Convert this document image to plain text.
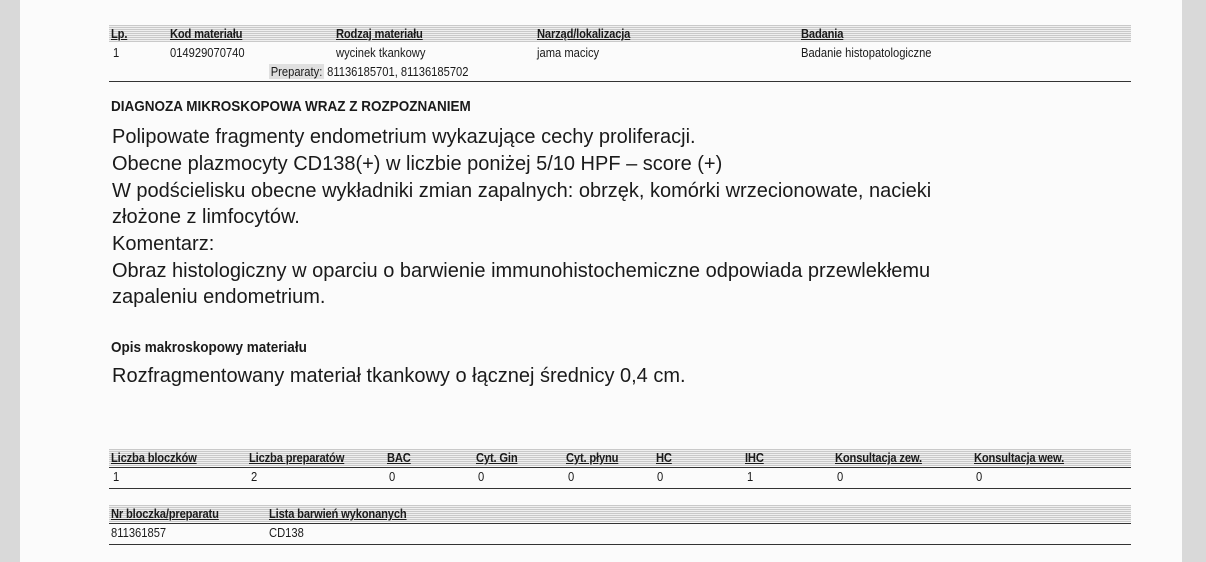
Lp.	Kod materiału	Rodzaj materiału	Narząd/lokalizacja	Badania
1	014929070740	wycinek tkankowy	jama macicy	Badanie histopatologiczne
Preparaty: 81136185701, 81136185702
DIAGNOZA MIKROSKOPOWA WRAZ Z ROZPOZNANIEM
Polipowate fragmenty endometrium wykazujące cechy proliferacji.
Obecne plazmocyty CD138(+) w liczbie poniżej 5/10 HPF – score (+)
W podścielisku obecne wykładniki zmian zapalnych: obrzęk, komórki wrzecionowate, nacieki
złożone z limfocytów.
Komentarz:
Obraz histologiczny w oparciu o barwienie immunohistochemiczne odpowiada przewlekłemu
zapaleniu endometrium.
Opis makroskopowy materiału
Rozfragmentowany materiał tkankowy o łącznej średnicy 0,4 cm.
Liczba bloczków	Liczba preparatów	BAC	Cyt. Gin	Cyt. płynu	HC	IHC	Konsultacja zew.	Konsultacja wew.
1	2	0	0	0	0	1	0	0
Nr bloczka/preparatu	Lista barwień wykonanych
811361857	CD138
